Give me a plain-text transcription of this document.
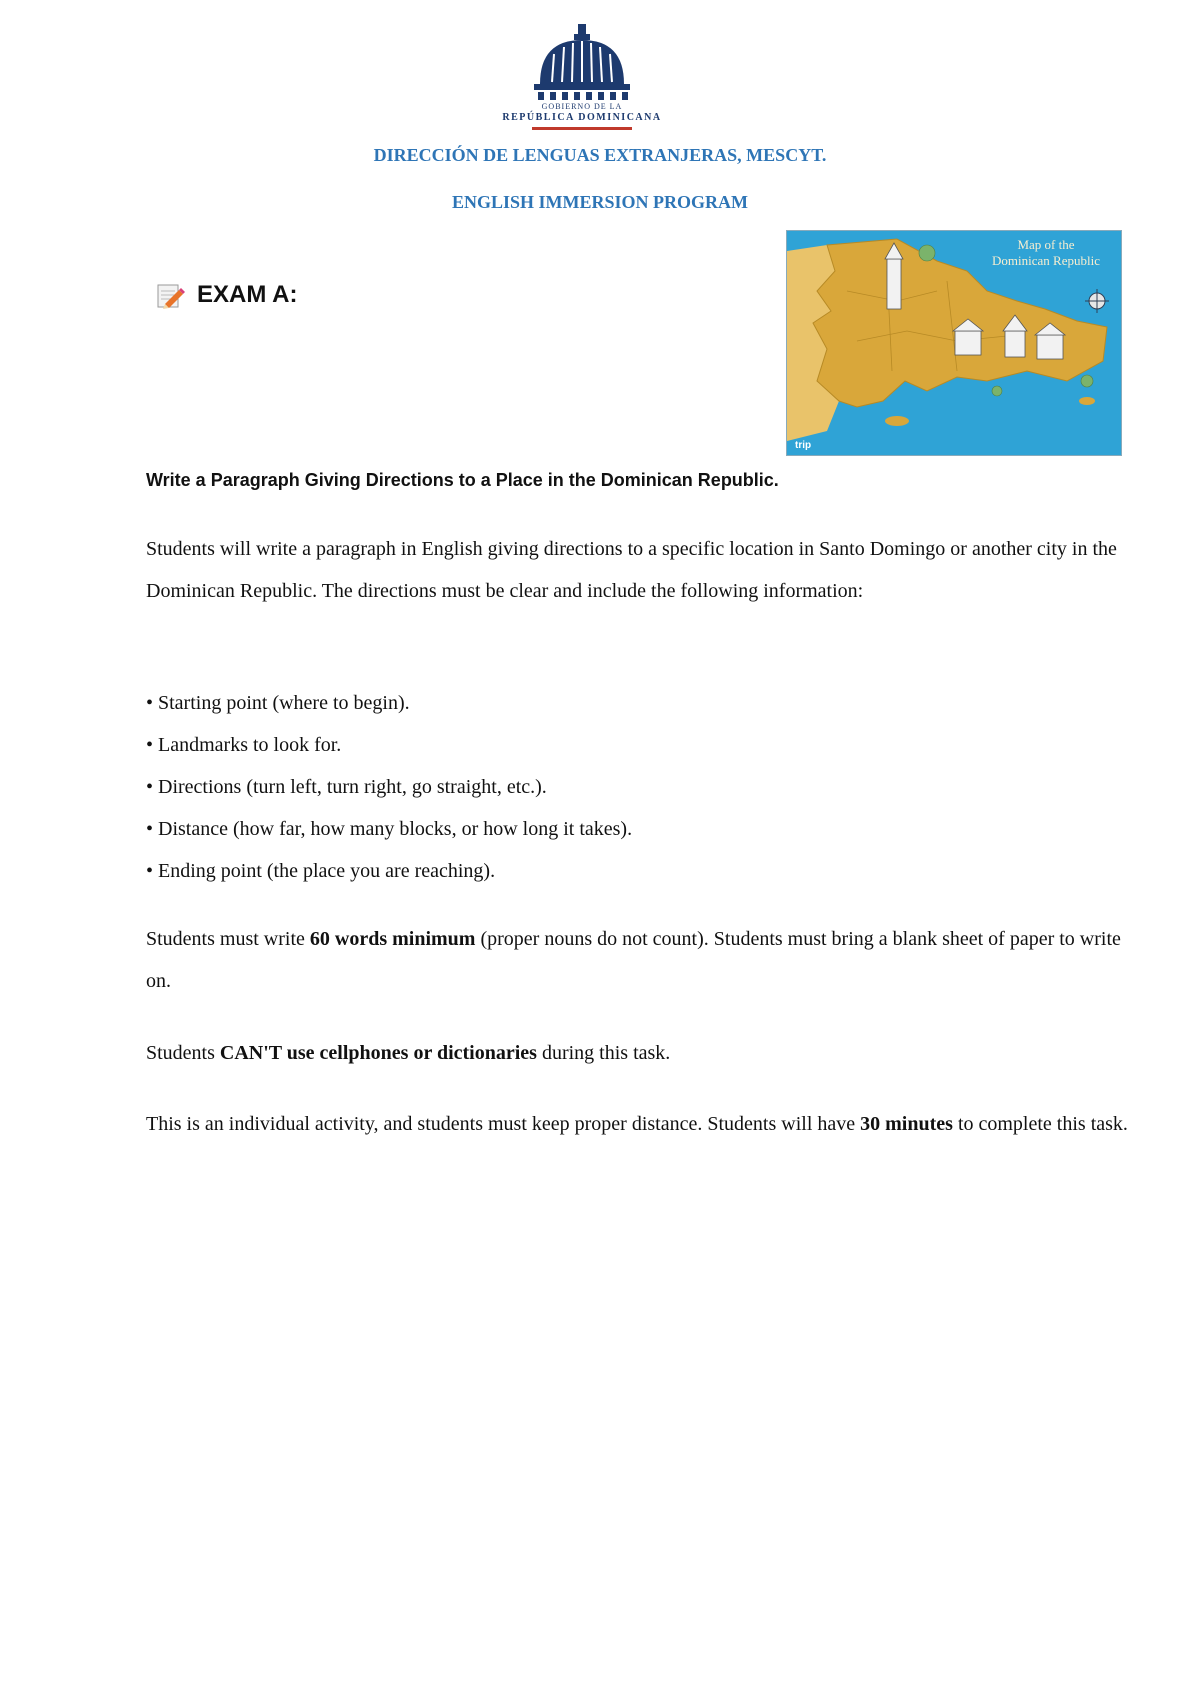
GOBIERNO DE LA
REPÚBLICA DOMINICANA
DIRECCIÓN DE LENGUAS EXTRANJERAS, MESCYT.
ENGLISH IMMERSION PROGRAM
EXAM A:
Map of the
Dominican Republic
trip
Write a Paragraph Giving Directions to a Place in the Dominican Republic.
Students will write a paragraph in English giving directions to a specific location in Santo Domingo or another city in the Dominican Republic. The directions must be clear and include the following information:
• Starting point (where to begin).
• Landmarks to look for.
• Directions (turn left, turn right, go straight, etc.).
• Distance (how far, how many blocks, or how long it takes).
• Ending point (the place you are reaching).
Students must write 60 words minimum (proper nouns do not count). Students must bring a blank sheet of paper to write on.
Students CAN'T use cellphones or dictionaries during this task.
This is an individual activity, and students must keep proper distance. Students will have 30 minutes to complete this task.
